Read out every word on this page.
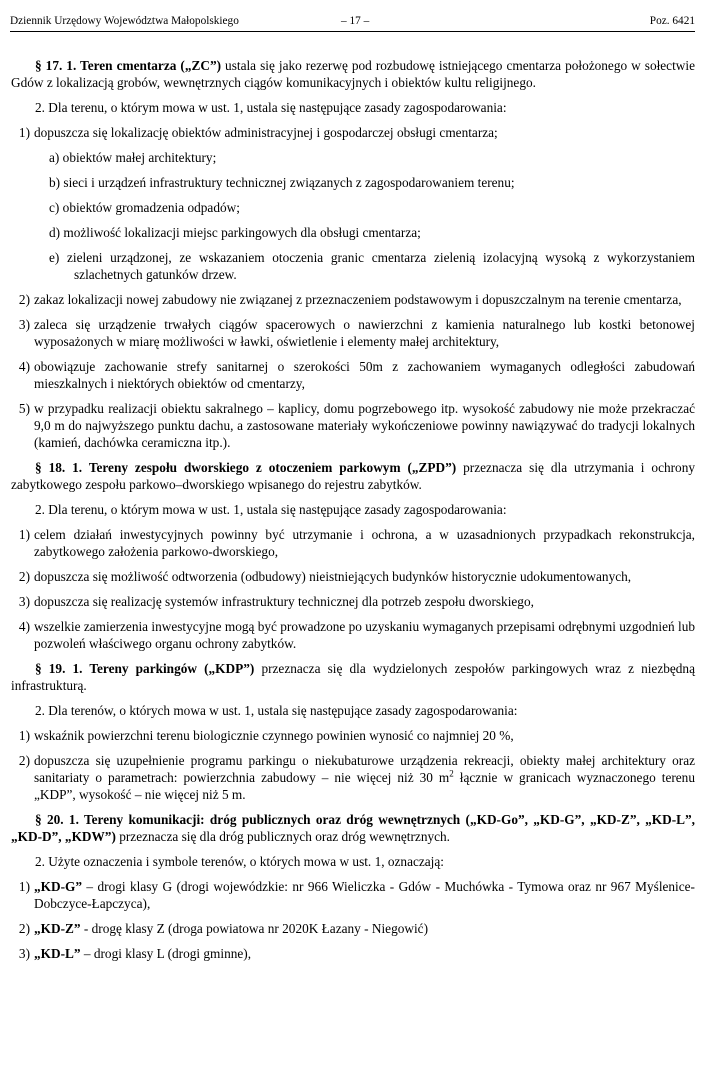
Dziennik Urzędowy Województwa Małopolskiego	– 17 –	Poz. 6421

§ 17. 1. Teren cmentarza („ZC”) ustala się jako rezerwę pod rozbudowę istniejącego cmentarza położonego w sołectwie Gdów z lokalizacją grobów, wewnętrznych ciągów komunikacyjnych i obiektów kultu religijnego.

2. Dla terenu, o którym mowa w ust. 1, ustala się następujące zasady zagospodarowania:

1) dopuszcza się lokalizację obiektów administracyjnej i gospodarczej obsługi cmentarza;

a) obiektów małej architektury;

b) sieci i urządzeń infrastruktury technicznej związanych z zagospodarowaniem terenu;

c) obiektów gromadzenia odpadów;

d) możliwość lokalizacji miejsc parkingowych dla obsługi cmentarza;

e) zieleni urządzonej, ze wskazaniem otoczenia granic cmentarza zielenią izolacyjną wysoką z wykorzystaniem szlachetnych gatunków drzew.

2) zakaz lokalizacji nowej zabudowy nie związanej z przeznaczeniem podstawowym i dopuszczalnym na terenie cmentarza,

3) zaleca się urządzenie trwałych ciągów spacerowych o nawierzchni z kamienia naturalnego lub kostki betonowej wyposażonych w miarę możliwości w ławki, oświetlenie i elementy małej architektury,

4) obowiązuje zachowanie strefy sanitarnej o szerokości 50m z zachowaniem wymaganych odległości zabudowań mieszkalnych i niektórych obiektów od cmentarzy,

5) w przypadku realizacji obiektu sakralnego – kaplicy, domu pogrzebowego itp. wysokość zabudowy nie może przekraczać 9,0 m do najwyższego punktu dachu, a zastosowane materiały wykończeniowe powinny nawiązywać do tradycji lokalnych (kamień, dachówka ceramiczna itp.).

§ 18. 1. Tereny zespołu dworskiego z otoczeniem parkowym („ZPD”) przeznacza się dla utrzymania i ochrony zabytkowego zespołu parkowo–dworskiego wpisanego do rejestru zabytków.

2. Dla terenu, o którym mowa w ust. 1, ustala się następujące zasady zagospodarowania:

1) celem działań inwestycyjnych powinny być utrzymanie i ochrona, a w uzasadnionych przypadkach rekonstrukcja, zabytkowego założenia parkowo-dworskiego,

2) dopuszcza się możliwość odtworzenia (odbudowy) nieistniejących budynków historycznie udokumentowanych,

3) dopuszcza się realizację systemów infrastruktury technicznej dla potrzeb zespołu dworskiego,

4) wszelkie zamierzenia inwestycyjne mogą być prowadzone po uzyskaniu wymaganych przepisami odrębnymi uzgodnień lub pozwoleń właściwego organu ochrony zabytków.

§ 19. 1. Tereny parkingów („KDP”) przeznacza się dla wydzielonych zespołów parkingowych wraz z niezbędną infrastrukturą.

2. Dla terenów, o których mowa w ust. 1, ustala się następujące zasady zagospodarowania:

1) wskaźnik powierzchni terenu biologicznie czynnego powinien wynosić co najmniej 20 %,

2) dopuszcza się uzupełnienie programu parkingu o niekubaturowe urządzenia rekreacji, obiekty małej architektury oraz sanitariaty o parametrach: powierzchnia zabudowy – nie więcej niż 30 $m^2$ łącznie w granicach wyznaczonego terenu „KDP”, wysokość – nie więcej niż 5 m.

§ 20. 1. Tereny komunikacji: dróg publicznych oraz dróg wewnętrznych („KD-Go”, „KD-G”, „KD-Z”, „KD-L”, „KD-D”, „KDW”) przeznacza się dla dróg publicznych oraz dróg wewnętrznych.

2. Użyte oznaczenia i symbole terenów, o których mowa w ust. 1, oznaczają:

1) „KD-G” – drogi klasy G (drogi wojewódzkie: nr 966 Wieliczka - Gdów - Muchówka - Tymowa oraz nr 967 Myślenice-Dobczyce-Łapczyca),

2) „KD-Z” - drogę klasy Z (droga powiatowa nr 2020K Łazany - Niegowić)

3) „KD-L” – drogi klasy L (drogi gminne),
